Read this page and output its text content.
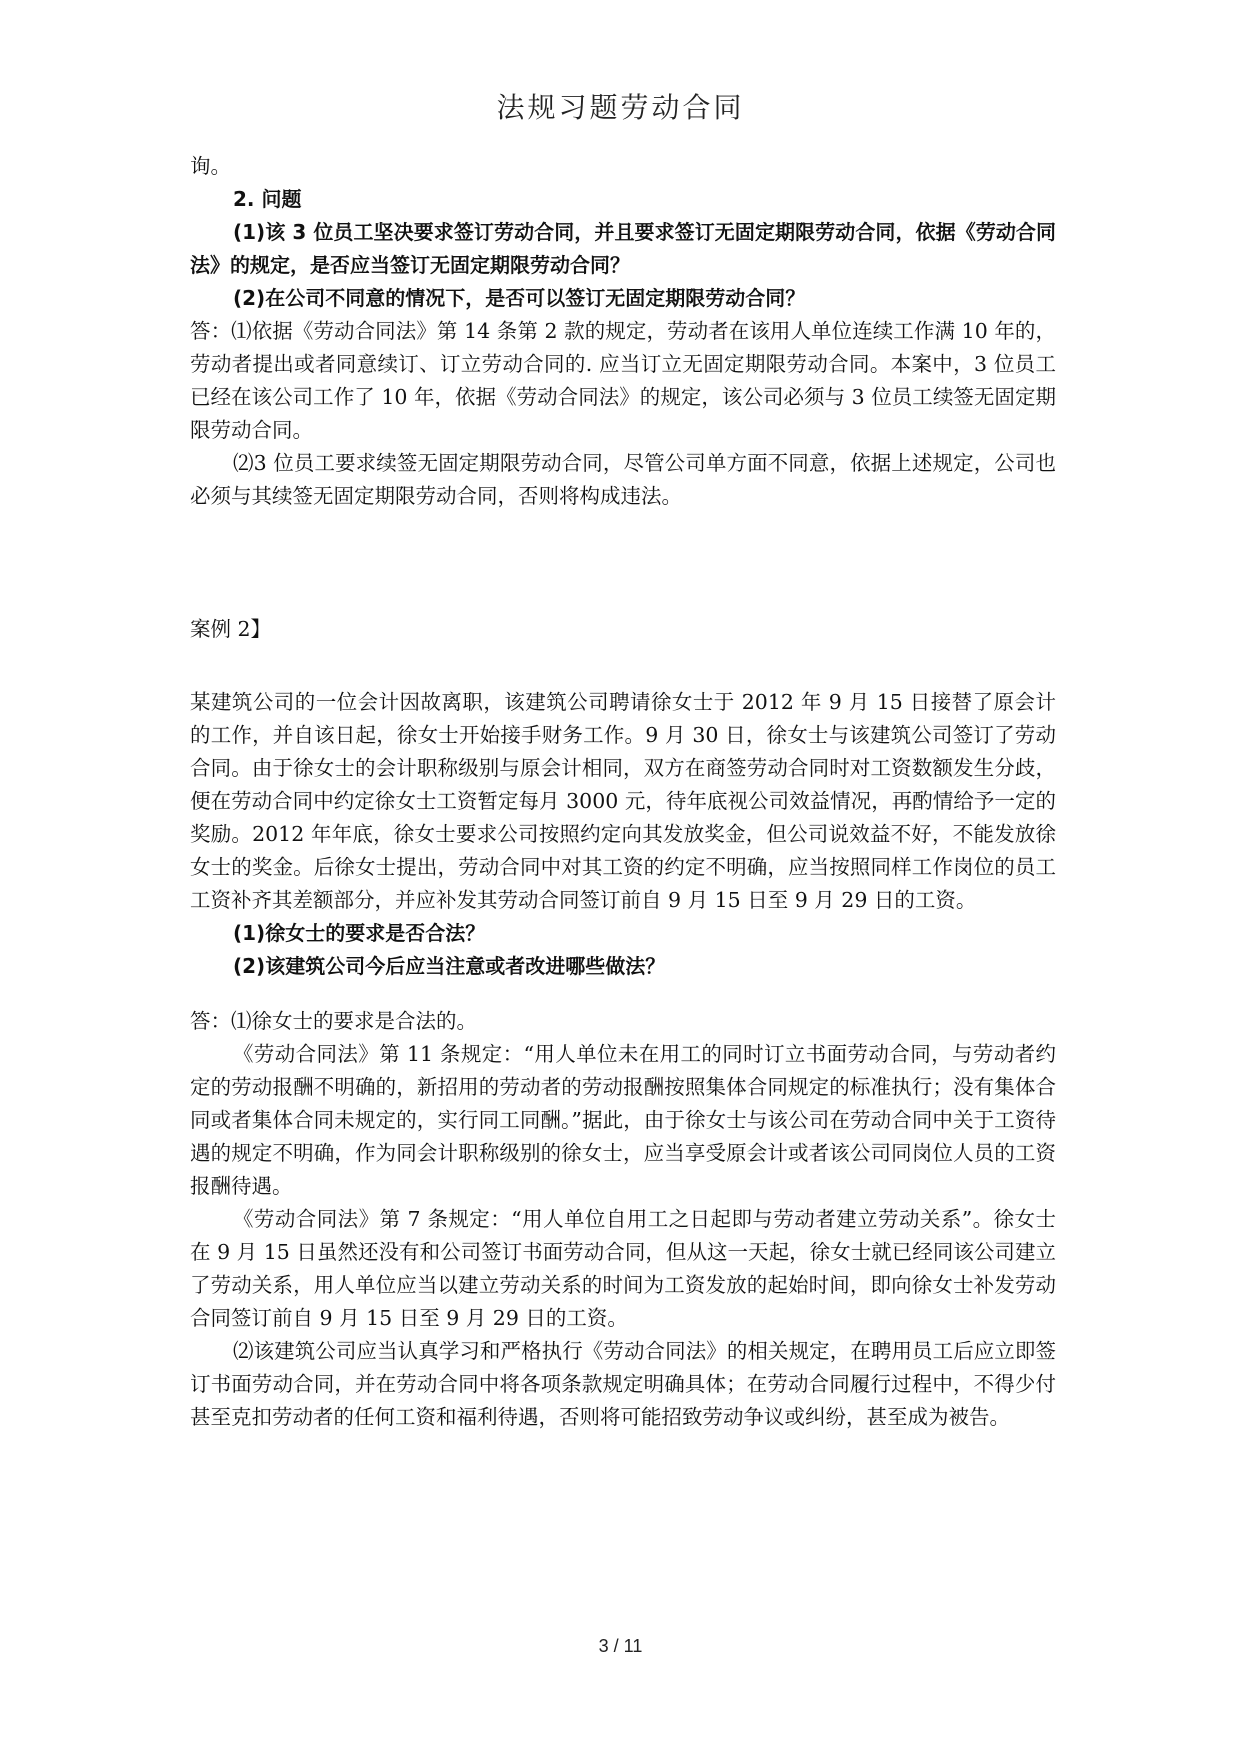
法规习题劳动合同

询。

2. 问题

(1)该 3 位员工坚决要求签订劳动合同，并且要求签订无固定期限劳动合同，依据《劳动合同法》的规定，是否应当签订无固定期限劳动合同？

(2)在公司不同意的情况下，是否可以签订无固定期限劳动合同？

答：⑴依据《劳动合同法》第 14 条第 2 款的规定，劳动者在该用人单位连续工作满 10 年的，劳动者提出或者同意续订、订立劳动合同的. 应当订立无固定期限劳动合同。本案中，3 位员工已经在该公司工作了 10 年，依据《劳动合同法》的规定，该公司必须与 3 位员工续签无固定期限劳动合同。

⑵3 位员工要求续签无固定期限劳动合同，尽管公司单方面不同意，依据上述规定，公司也必须与其续签无固定期限劳动合同，否则将构成违法。

案例 2】

某建筑公司的一位会计因故离职，该建筑公司聘请徐女士于 2012 年 9 月 15 日接替了原会计的工作，并自该日起，徐女士开始接手财务工作。9 月 30 日，徐女士与该建筑公司签订了劳动合同。由于徐女士的会计职称级别与原会计相同，双方在商签劳动合同时对工资数额发生分歧，便在劳动合同中约定徐女士工资暂定每月 3000 元，待年底视公司效益情况，再酌情给予一定的奖励。2012 年年底，徐女士要求公司按照约定向其发放奖金，但公司说效益不好，不能发放徐女士的奖金。后徐女士提出，劳动合同中对其工资的约定不明确，应当按照同样工作岗位的员工工资补齐其差额部分，并应补发其劳动合同签订前自 9 月 15 日至 9 月 29 日的工资。

(1)徐女士的要求是否合法？

(2)该建筑公司今后应当注意或者改进哪些做法？

答：⑴徐女士的要求是合法的。

《劳动合同法》第 11 条规定：“用人单位未在用工的同时订立书面劳动合同，与劳动者约定的劳动报酬不明确的，新招用的劳动者的劳动报酬按照集体合同规定的标准执行；没有集体合同或者集体合同未规定的，实行同工同酬。”据此，由于徐女士与该公司在劳动合同中关于工资待遇的规定不明确，作为同会计职称级别的徐女士，应当享受原会计或者该公司同岗位人员的工资报酬待遇。

《劳动合同法》第 7 条规定：“用人单位自用工之日起即与劳动者建立劳动关系”。徐女士在 9 月 15 日虽然还没有和公司签订书面劳动合同，但从这一天起，徐女士就已经同该公司建立了劳动关系，用人单位应当以建立劳动关系的时间为工资发放的起始时间，即向徐女士补发劳动合同签订前自 9 月 15 日至 9 月 29 日的工资。

⑵该建筑公司应当认真学习和严格执行《劳动合同法》的相关规定，在聘用员工后应立即签订书面劳动合同，并在劳动合同中将各项条款规定明确具体；在劳动合同履行过程中，不得少付甚至克扣劳动者的任何工资和福利待遇，否则将可能招致劳动争议或纠纷，甚至成为被告。

3 / 11
